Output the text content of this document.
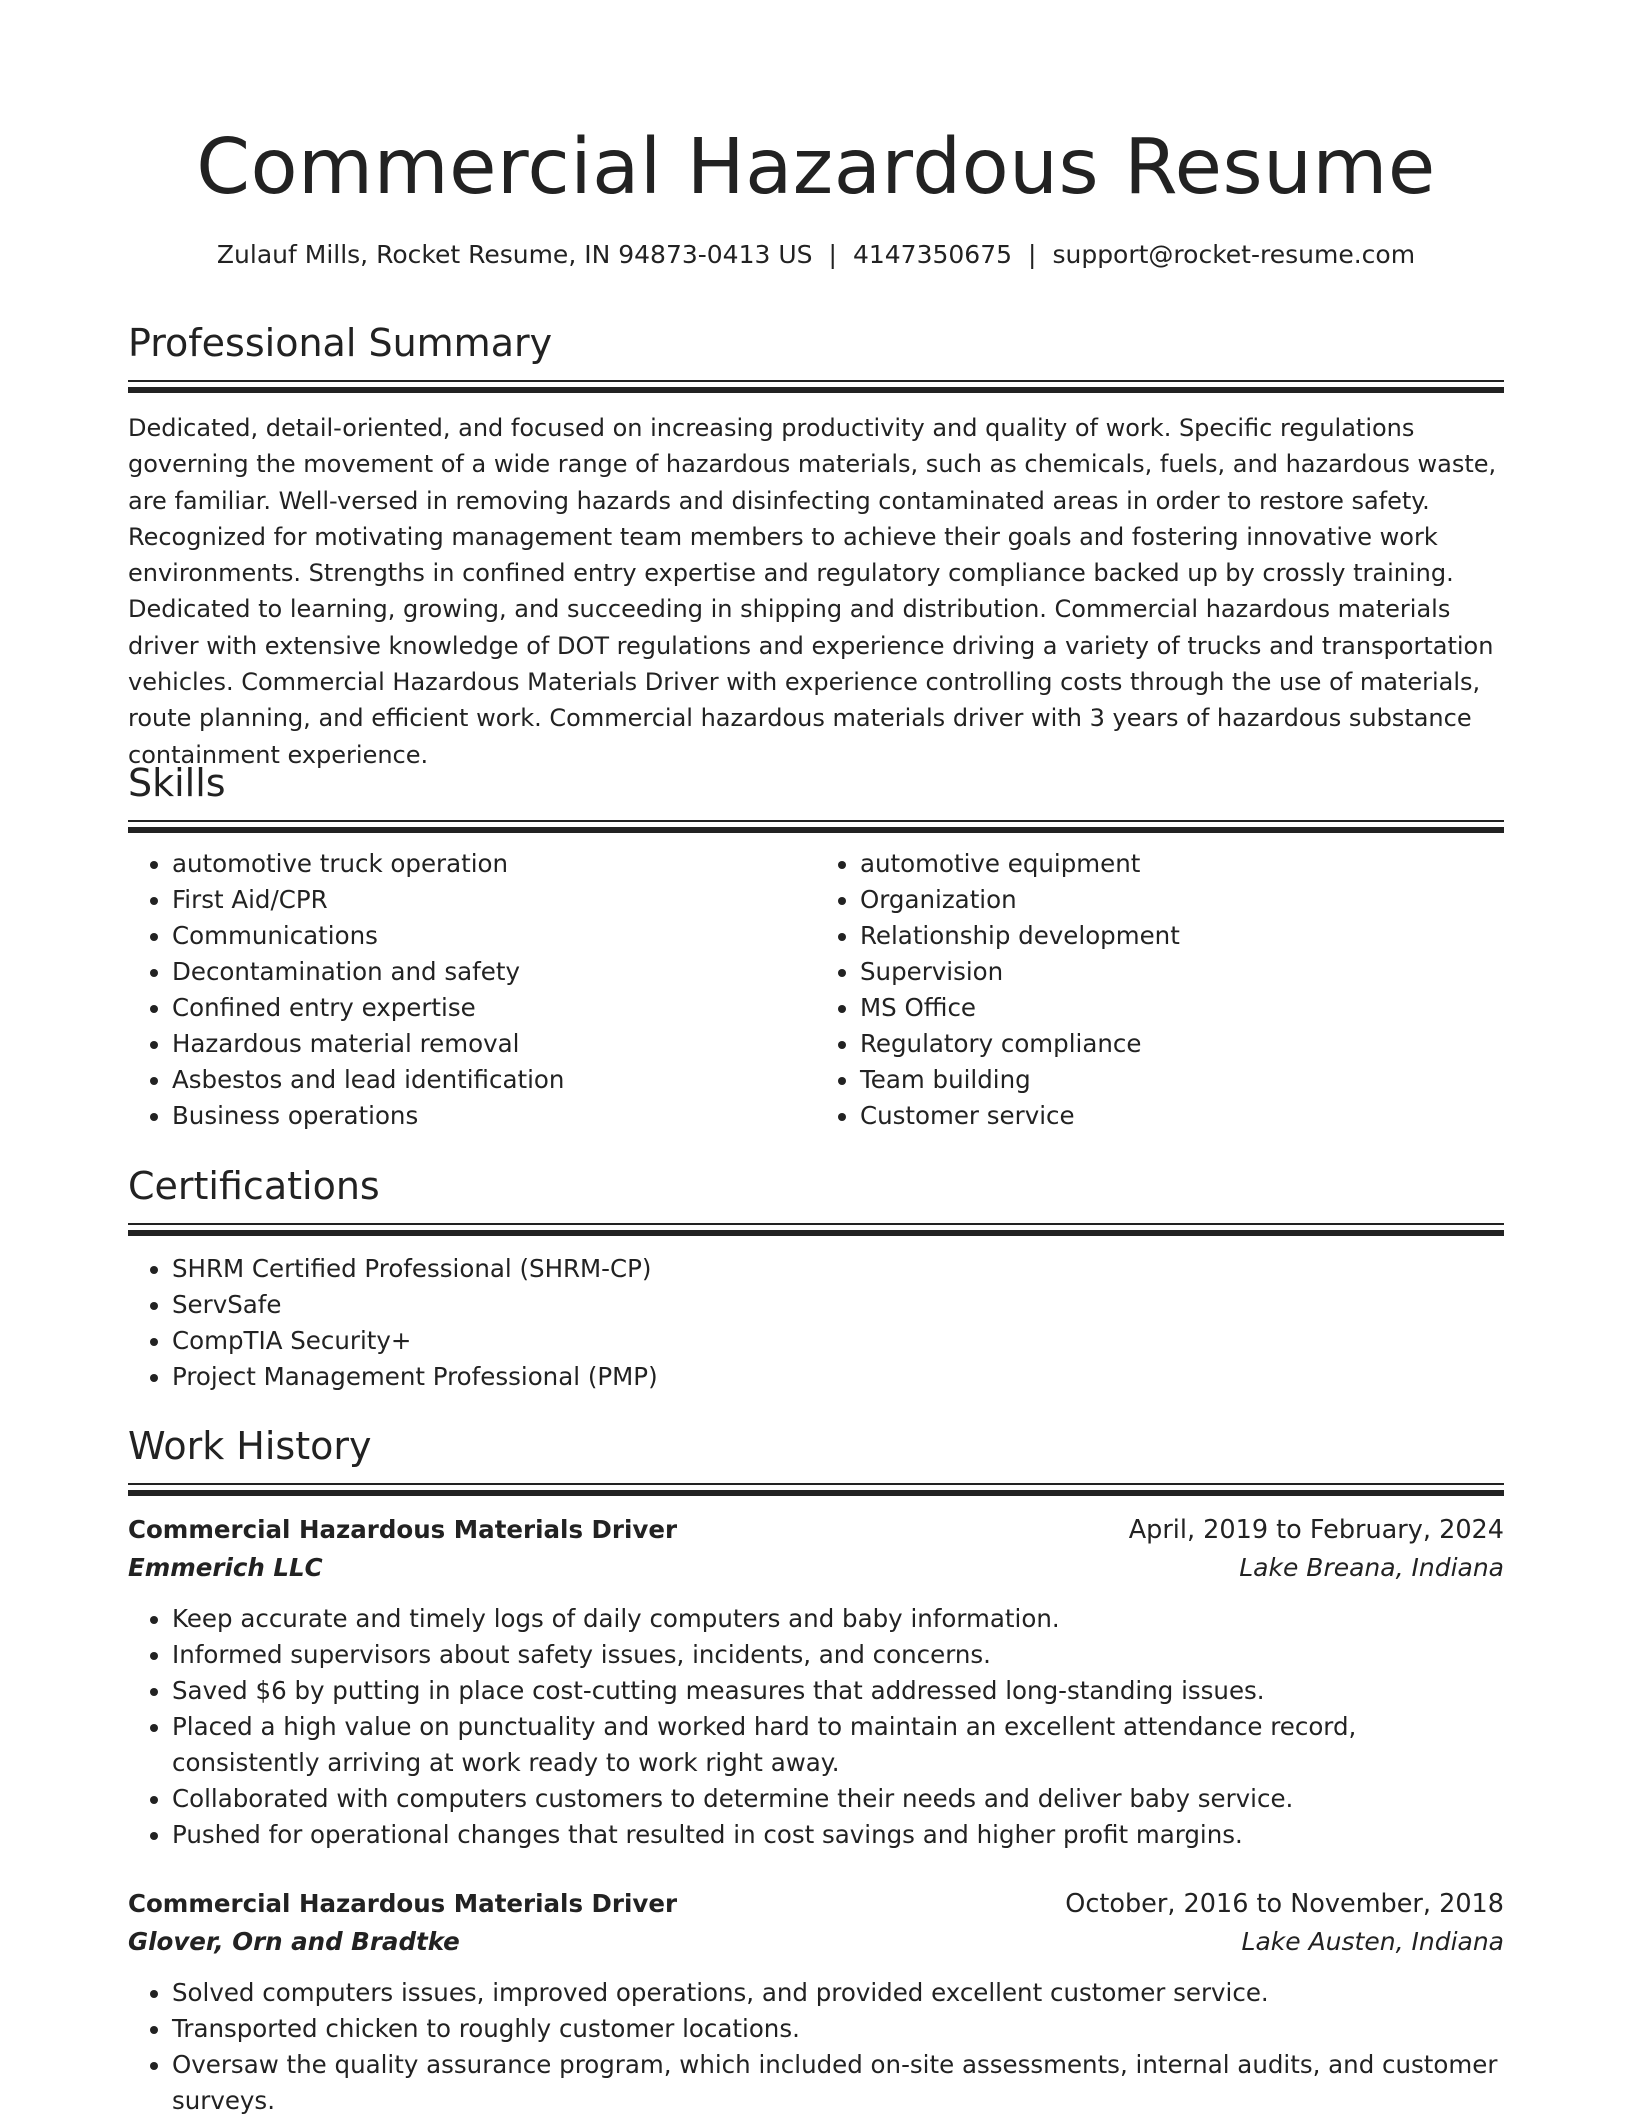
Commercial Hazardous Resume
Zulauf Mills, Rocket Resume, IN 94873-0413 US | 4147350675 | support@rocket-resume.com
Professional Summary

Dedicated, detail-oriented, and focused on increasing productivity and quality of work. Specific regulations governing the movement of a wide range of hazardous materials, such as chemicals, fuels, and hazardous waste, are familiar. Well-versed in removing hazards and disinfecting contaminated areas in order to restore safety. Recognized for motivating management team members to achieve their goals and fostering innovative work environments. Strengths in confined entry expertise and regulatory compliance backed up by crossly training. Dedicated to learning, growing, and succeeding in shipping and distribution. Commercial hazardous materials driver with extensive knowledge of DOT regulations and experience driving a variety of trucks and transportation vehicles. Commercial Hazardous Materials Driver with experience controlling costs through the use of materials, route planning, and efficient work. Commercial hazardous materials driver with 3 years of hazardous substance containment experience.

Skills
• automotive truck operation
• First Aid/CPR
• Communications
• Decontamination and safety
• Confined entry expertise
• Hazardous material removal
• Asbestos and lead identification
• Business operations
• automotive equipment
• Organization
• Relationship development
• Supervision
• MS Office
• Regulatory compliance
• Team building
• Customer service
Certifications
• SHRM Certified Professional (SHRM-CP)
• ServSafe
• CompTIA Security+
• Project Management Professional (PMP)
Work History
Commercial Hazardous Materials Driver	April, 2019 to February, 2024
Emmerich LLC	Lake Breana, Indiana
• Keep accurate and timely logs of daily computers and baby information.
• Informed supervisors about safety issues, incidents, and concerns.
• Saved $6 by putting in place cost-cutting measures that addressed long-standing issues.
• Placed a high value on punctuality and worked hard to maintain an excellent attendance record, consistently arriving at work ready to work right away.
• Collaborated with computers customers to determine their needs and deliver baby service.
• Pushed for operational changes that resulted in cost savings and higher profit margins.
Commercial Hazardous Materials Driver	October, 2016 to November, 2018
Glover, Orn and Bradtke	Lake Austen, Indiana
• Solved computers issues, improved operations, and provided excellent customer service.
• Transported chicken to roughly customer locations.
• Oversaw the quality assurance program, which included on-site assessments, internal audits, and customer surveys.
